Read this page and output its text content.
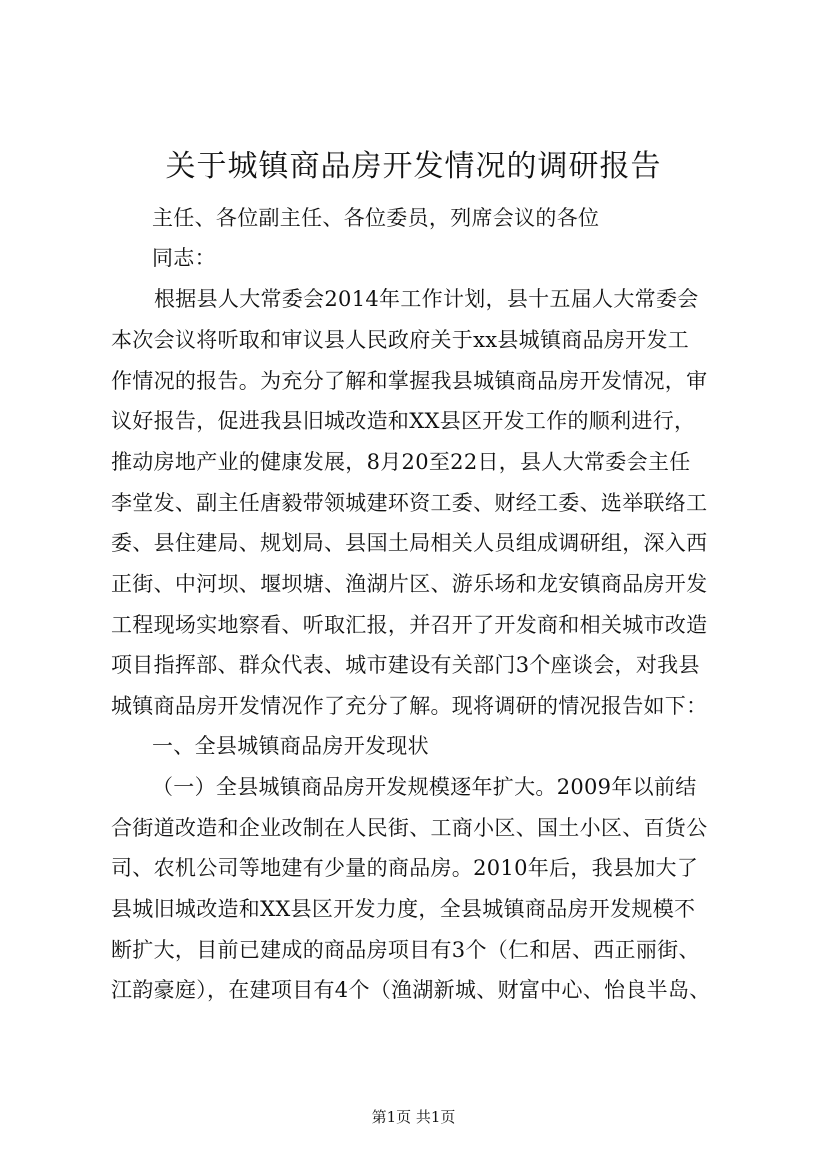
关于城镇商品房开发情况的调研报告
主任、各位副主任、各位委员，列席会议的各位
同志：
根据县人大常委会2014年工作计划，县十五届人大常委会
本次会议将听取和审议县人民政府关于xx县城镇商品房开发工
作情况的报告。为充分了解和掌握我县城镇商品房开发情况，审
议好报告，促进我县旧城改造和XX县区开发工作的顺利进行，
推动房地产业的健康发展，8月20至22日，县人大常委会主任
李堂发、副主任唐毅带领城建环资工委、财经工委、选举联络工
委、县住建局、规划局、县国土局相关人员组成调研组，深入西
正街、中河坝、堰坝塘、渔湖片区、游乐场和龙安镇商品房开发
工程现场实地察看、听取汇报，并召开了开发商和相关城市改造
项目指挥部、群众代表、城市建设有关部门3个座谈会，对我县
城镇商品房开发情况作了充分了解。现将调研的情况报告如下：
一、全县城镇商品房开发现状
（一）全县城镇商品房开发规模逐年扩大。2009年以前结
合街道改造和企业改制在人民街、工商小区、国土小区、百货公
司、农机公司等地建有少量的商品房。2010年后，我县加大了
县城旧城改造和XX县区开发力度，全县城镇商品房开发规模不
断扩大，目前已建成的商品房项目有3个（仁和居、西正丽街、
江韵豪庭），在建项目有4个（渔湖新城、财富中心、怡良半岛、
第1页 共1页
